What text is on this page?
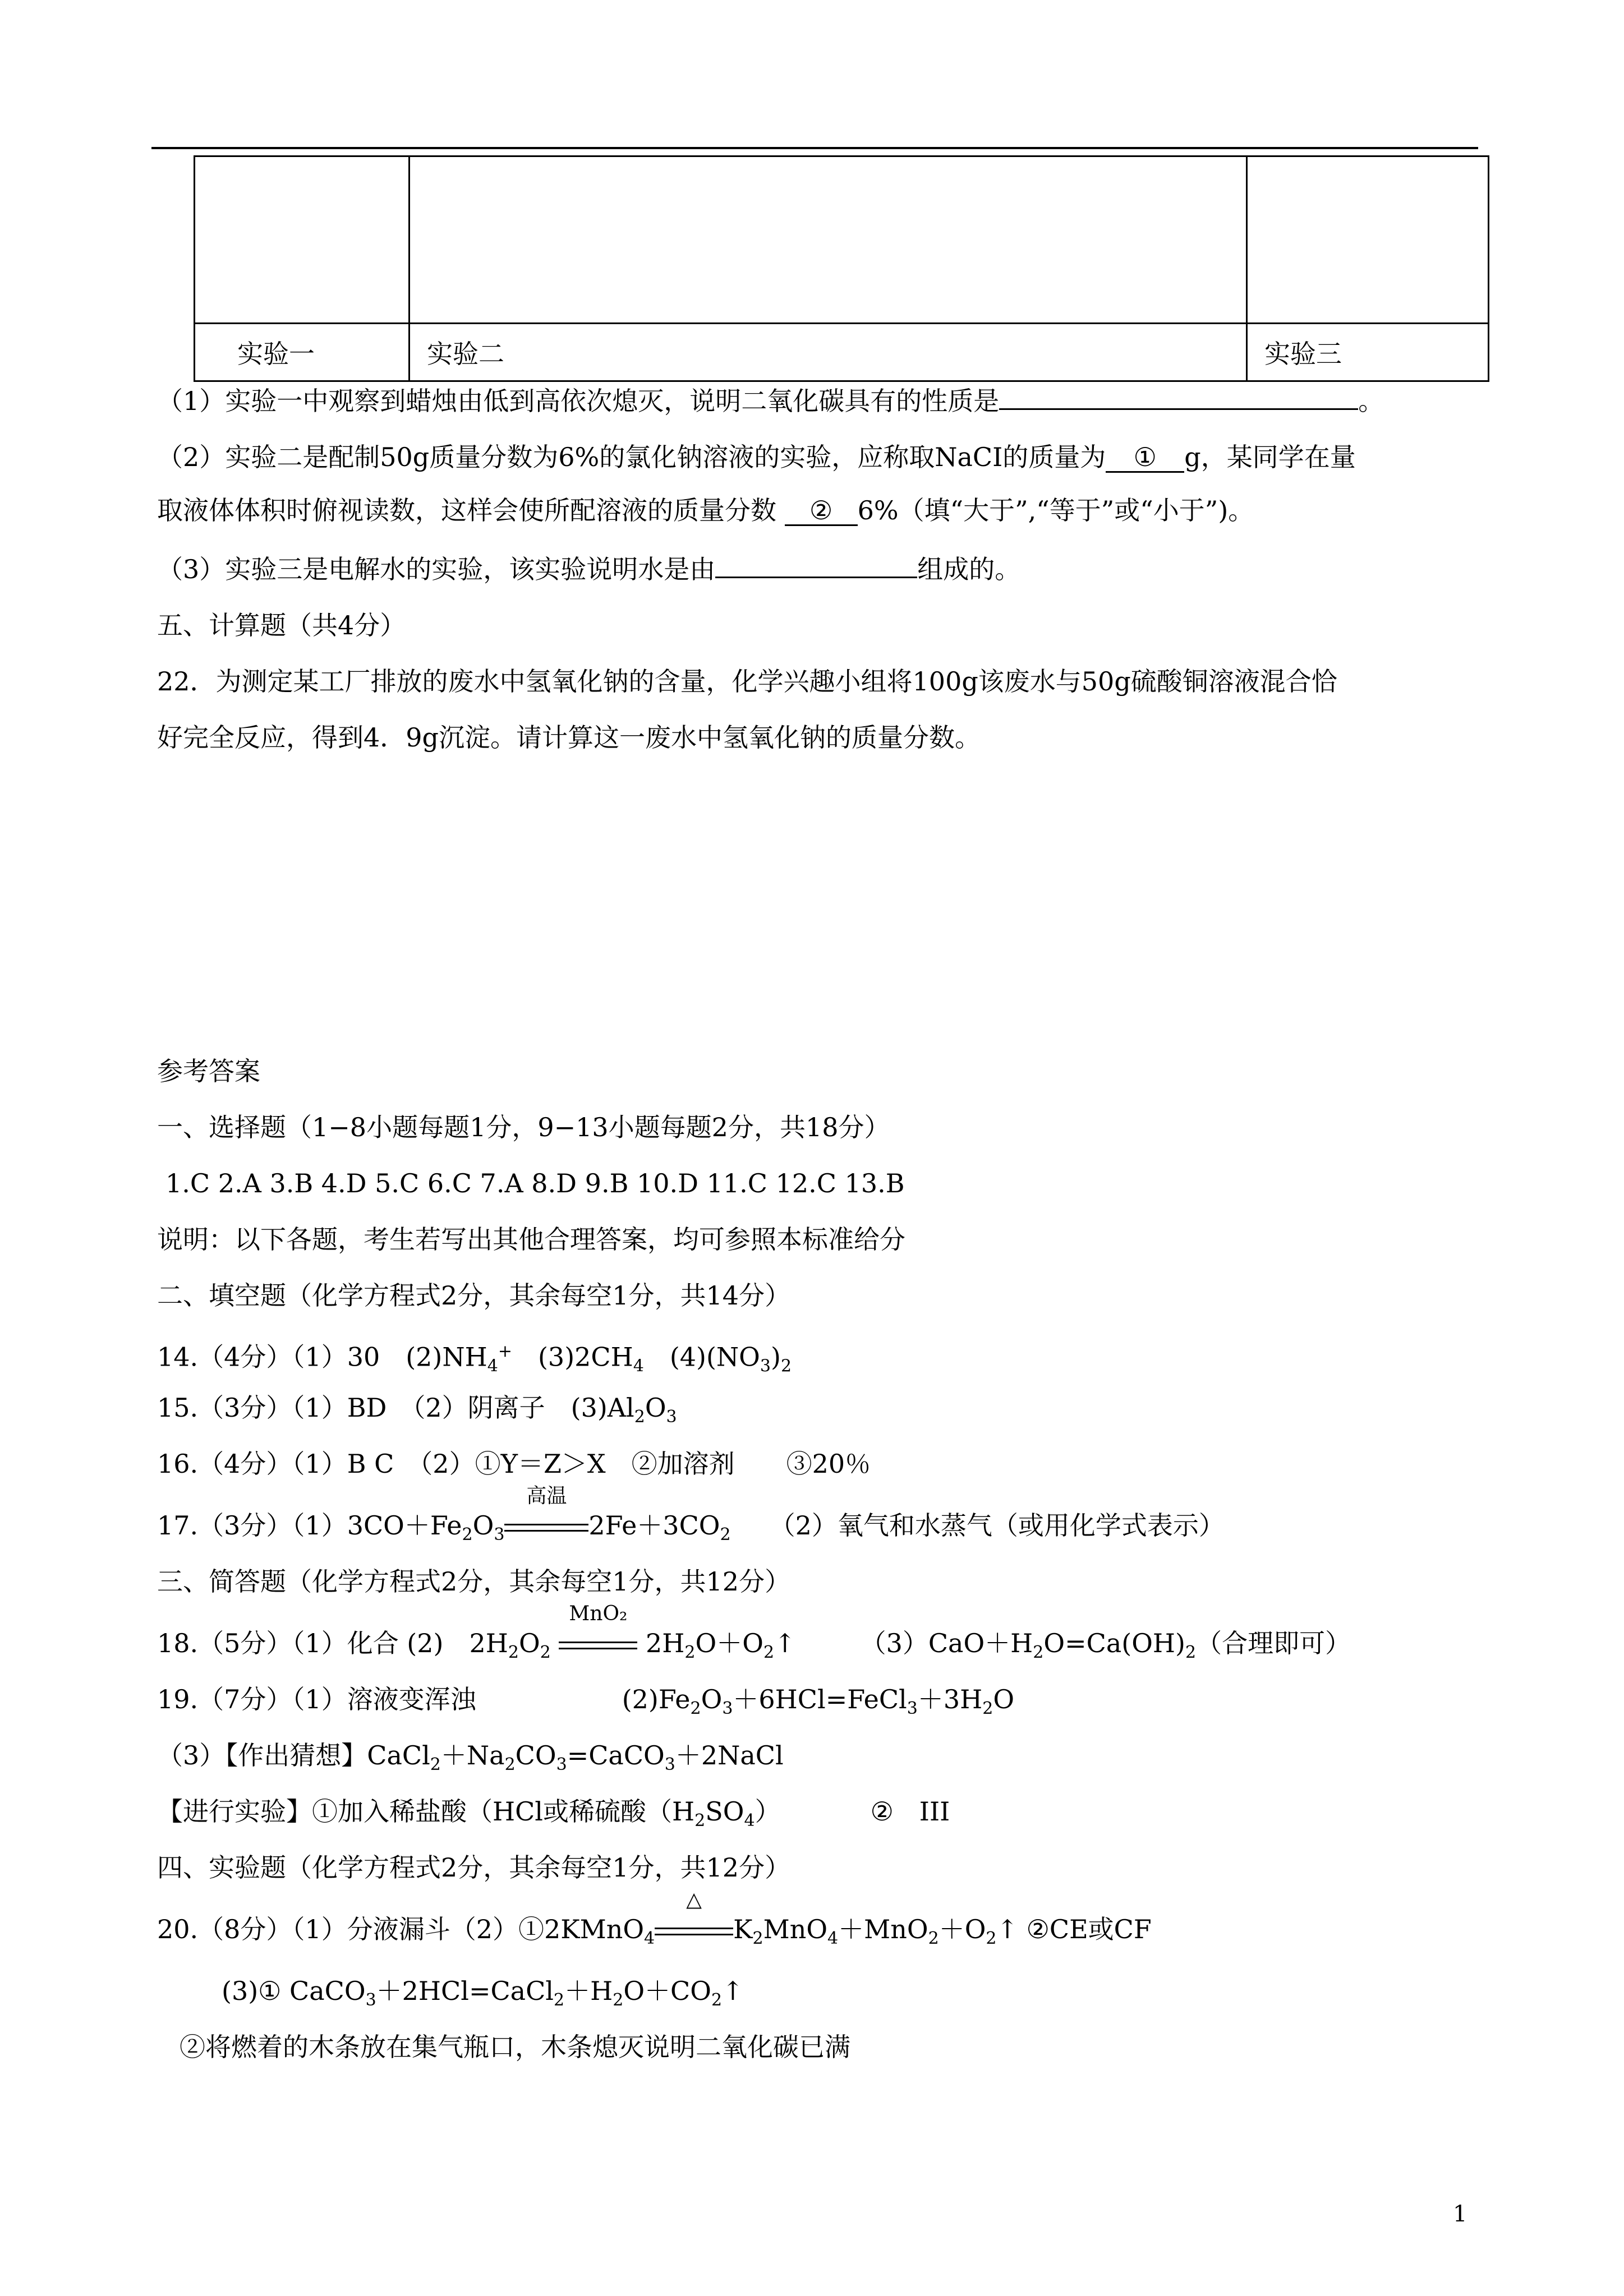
实验一	实验二	实验三
（1）实验一中观察到蜡烛由低到高依次熄灭，说明二氧化碳具有的性质是	。
（2）实验二是配制50g质量分数为6%的氯化钠溶液的实验，应称取NaCI的质量为 ① g，某同学在量
取液体体积时俯视读数，这样会使所配溶液的质量分数 ② 6%（填“大于”,“等于”或“小于”)。
（3）实验三是电解水的实验，该实验说明水是由	组成的。
五、计算题（共4分）
22．为测定某工厂排放的废水中氢氧化钠的含量，化学兴趣小组将100g该废水与50g硫酸铜溶液混合恰
好完全反应，得到4．9g沉淀。请计算这一废水中氢氧化钠的质量分数。
参考答案
一、选择题（1−8小题每题1分，9−13小题每题2分，共18分）
1.C 2.A 3.B 4.D 5.C 6.C 7.A 8.D 9.B 10.D 11.C 12.C 13.B
说明：以下各题，考生若写出其他合理答案，均可参照本标准给分
二、填空题（化学方程式2分，其余每空1分，共14分）
14.（4分）（1）30　$(2)NH_4^+$　$(3)2CH_4$　$(4)(NO_3)_2$
15.（3分）（1）BD　（2）阴离子　$(3)Al_2O_3$
16.（4分）（1）B C　（2）①Y＝Z＞X　②加溶剂　　③20％
17.（3分）$(1)3CO+Fe_2O_3$
高温
$2Fe+3CO_2$　　（2）氧气和水蒸气（或用化学式表示）
三、简答题（化学方程式2分，其余每空1分，共12分）
18.（5分）（1）化合 (2)　$2H_2O_2$
MnO₂
$2H_2O+O_2↑$　　　$(3)CaO+H_2O=Ca(OH)_2$（合理即可）
19.（7分）（1）溶液变浑浊	$(2)Fe_2O_3+6HCl=FeCl_3+3H_2O$
（3）【作出猜想】$CaCl_2+Na_2CO_3=CaCO_3+2NaCl$
【进行实验】①加入稀盐酸（HCl或稀硫酸$(H_2SO_4)$	②　III
四、实验题（化学方程式2分，其余每空1分，共12分）
20.（8分）（1）分液漏斗（2）①2KMnO$_4$
△
$K_2MnO_4+MnO_2+O_2↑$ ②CE或CF
(3)① $CaCO_3+2HCl=CaCl_2+H_2O+CO_2↑$
②将燃着的木条放在集气瓶口，木条熄灭说明二氧化碳已满
1
